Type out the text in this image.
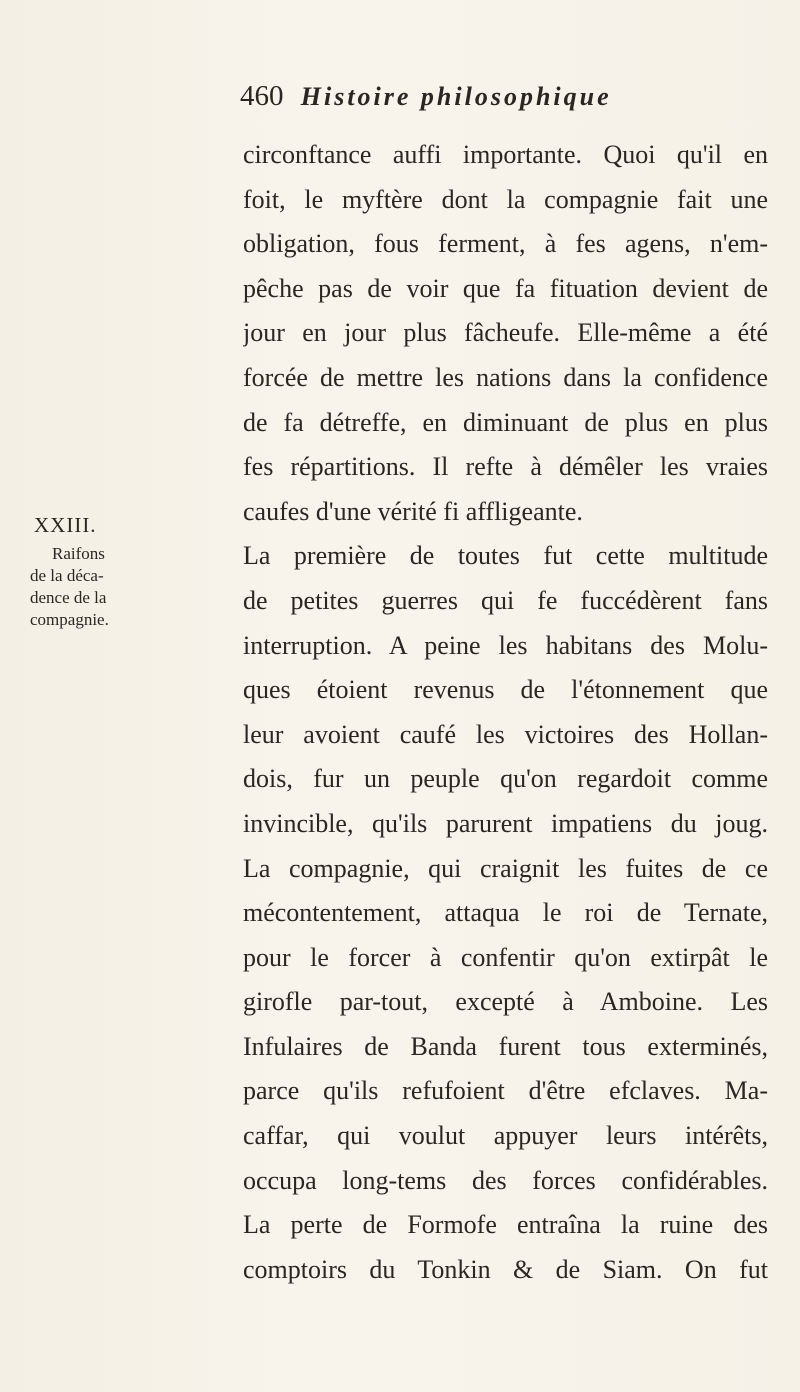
460 Histoire philosophique
XXIII.
Raifons
de la déca-
dence de la
compagnie.
circonftance auffi importante. Quoi qu'il en
foit, le myftère dont la compagnie fait une
obligation, fous ferment, à fes agens, n'em-
pêche pas de voir que fa fituation devient de
jour en jour plus fâcheufe. Elle-même a été
forcée de mettre les nations dans la confidence
de fa détreffe, en diminuant de plus en plus
fes répartitions. Il refte à démêler les vraies
caufes d'une vérité fi affligeante.
La première de toutes fut cette multitude
de petites guerres qui fe fuccédèrent fans
interruption. A peine les habitans des Molu-
ques étoient revenus de l'étonnement que
leur avoient caufé les victoires des Hollan-
dois, fur un peuple qu'on regardoit comme
invincible, qu'ils parurent impatiens du joug.
La compagnie, qui craignit les fuites de ce
mécontentement, attaqua le roi de Ternate,
pour le forcer à confentir qu'on extirpât le
girofle par-tout, excepté à Amboine. Les
Infulaires de Banda furent tous exterminés,
parce qu'ils refufoient d'être efclaves. Ma-
caffar, qui voulut appuyer leurs intérêts,
occupa long-tems des forces confidérables.
La perte de Formofe entraîna la ruine des
comptoirs du Tonkin & de Siam. On fut
